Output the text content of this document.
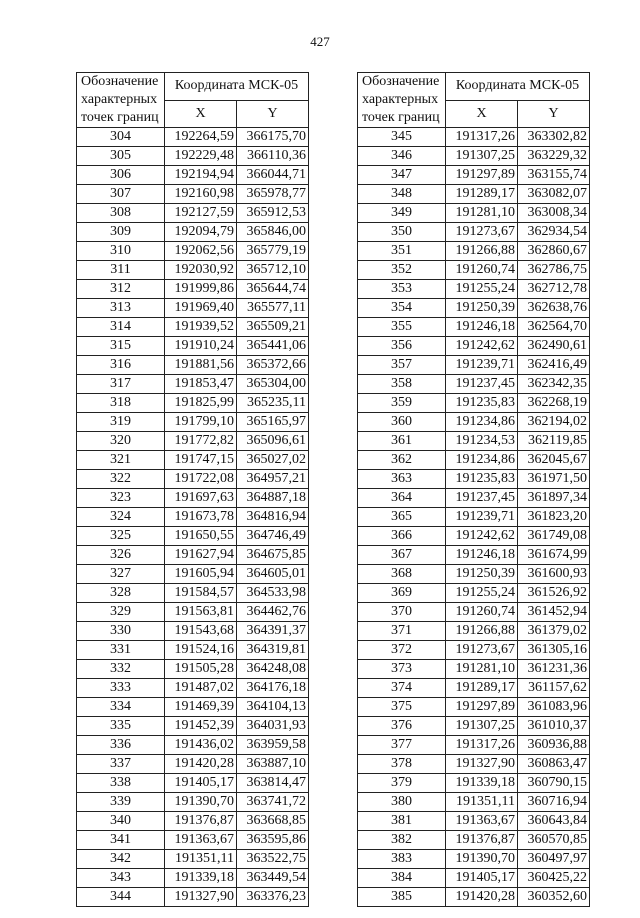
427
Обозначение характерных точек границ	Координата МСК-05	
	X	Y
304	192264,59	366175,70
305	192229,48	366110,36
306	192194,94	366044,71
307	192160,98	365978,77
308	192127,59	365912,53
309	192094,79	365846,00
310	192062,56	365779,19
311	192030,92	365712,10
312	191999,86	365644,74
313	191969,40	365577,11
314	191939,52	365509,21
315	191910,24	365441,06
316	191881,56	365372,66
317	191853,47	365304,00
318	191825,99	365235,11
319	191799,10	365165,97
320	191772,82	365096,61
321	191747,15	365027,02
322	191722,08	364957,21
323	191697,63	364887,18
324	191673,78	364816,94
325	191650,55	364746,49
326	191627,94	364675,85
327	191605,94	364605,01
328	191584,57	364533,98
329	191563,81	364462,76
330	191543,68	364391,37
331	191524,16	364319,81
332	191505,28	364248,08
333	191487,02	364176,18
334	191469,39	364104,13
335	191452,39	364031,93
336	191436,02	363959,58
337	191420,28	363887,10
338	191405,17	363814,47
339	191390,70	363741,72
340	191376,87	363668,85
341	191363,67	363595,86
342	191351,11	363522,75
343	191339,18	363449,54
344	191327,90	363376,23
Обозначение характерных точек границ	Координата МСК-05	
	X	Y
345	191317,26	363302,82
346	191307,25	363229,32
347	191297,89	363155,74
348	191289,17	363082,07
349	191281,10	363008,34
350	191273,67	362934,54
351	191266,88	362860,67
352	191260,74	362786,75
353	191255,24	362712,78
354	191250,39	362638,76
355	191246,18	362564,70
356	191242,62	362490,61
357	191239,71	362416,49
358	191237,45	362342,35
359	191235,83	362268,19
360	191234,86	362194,02
361	191234,53	362119,85
362	191234,86	362045,67
363	191235,83	361971,50
364	191237,45	361897,34
365	191239,71	361823,20
366	191242,62	361749,08
367	191246,18	361674,99
368	191250,39	361600,93
369	191255,24	361526,92
370	191260,74	361452,94
371	191266,88	361379,02
372	191273,67	361305,16
373	191281,10	361231,36
374	191289,17	361157,62
375	191297,89	361083,96
376	191307,25	361010,37
377	191317,26	360936,88
378	191327,90	360863,47
379	191339,18	360790,15
380	191351,11	360716,94
381	191363,67	360643,84
382	191376,87	360570,85
383	191390,70	360497,97
384	191405,17	360425,22
385	191420,28	360352,60
